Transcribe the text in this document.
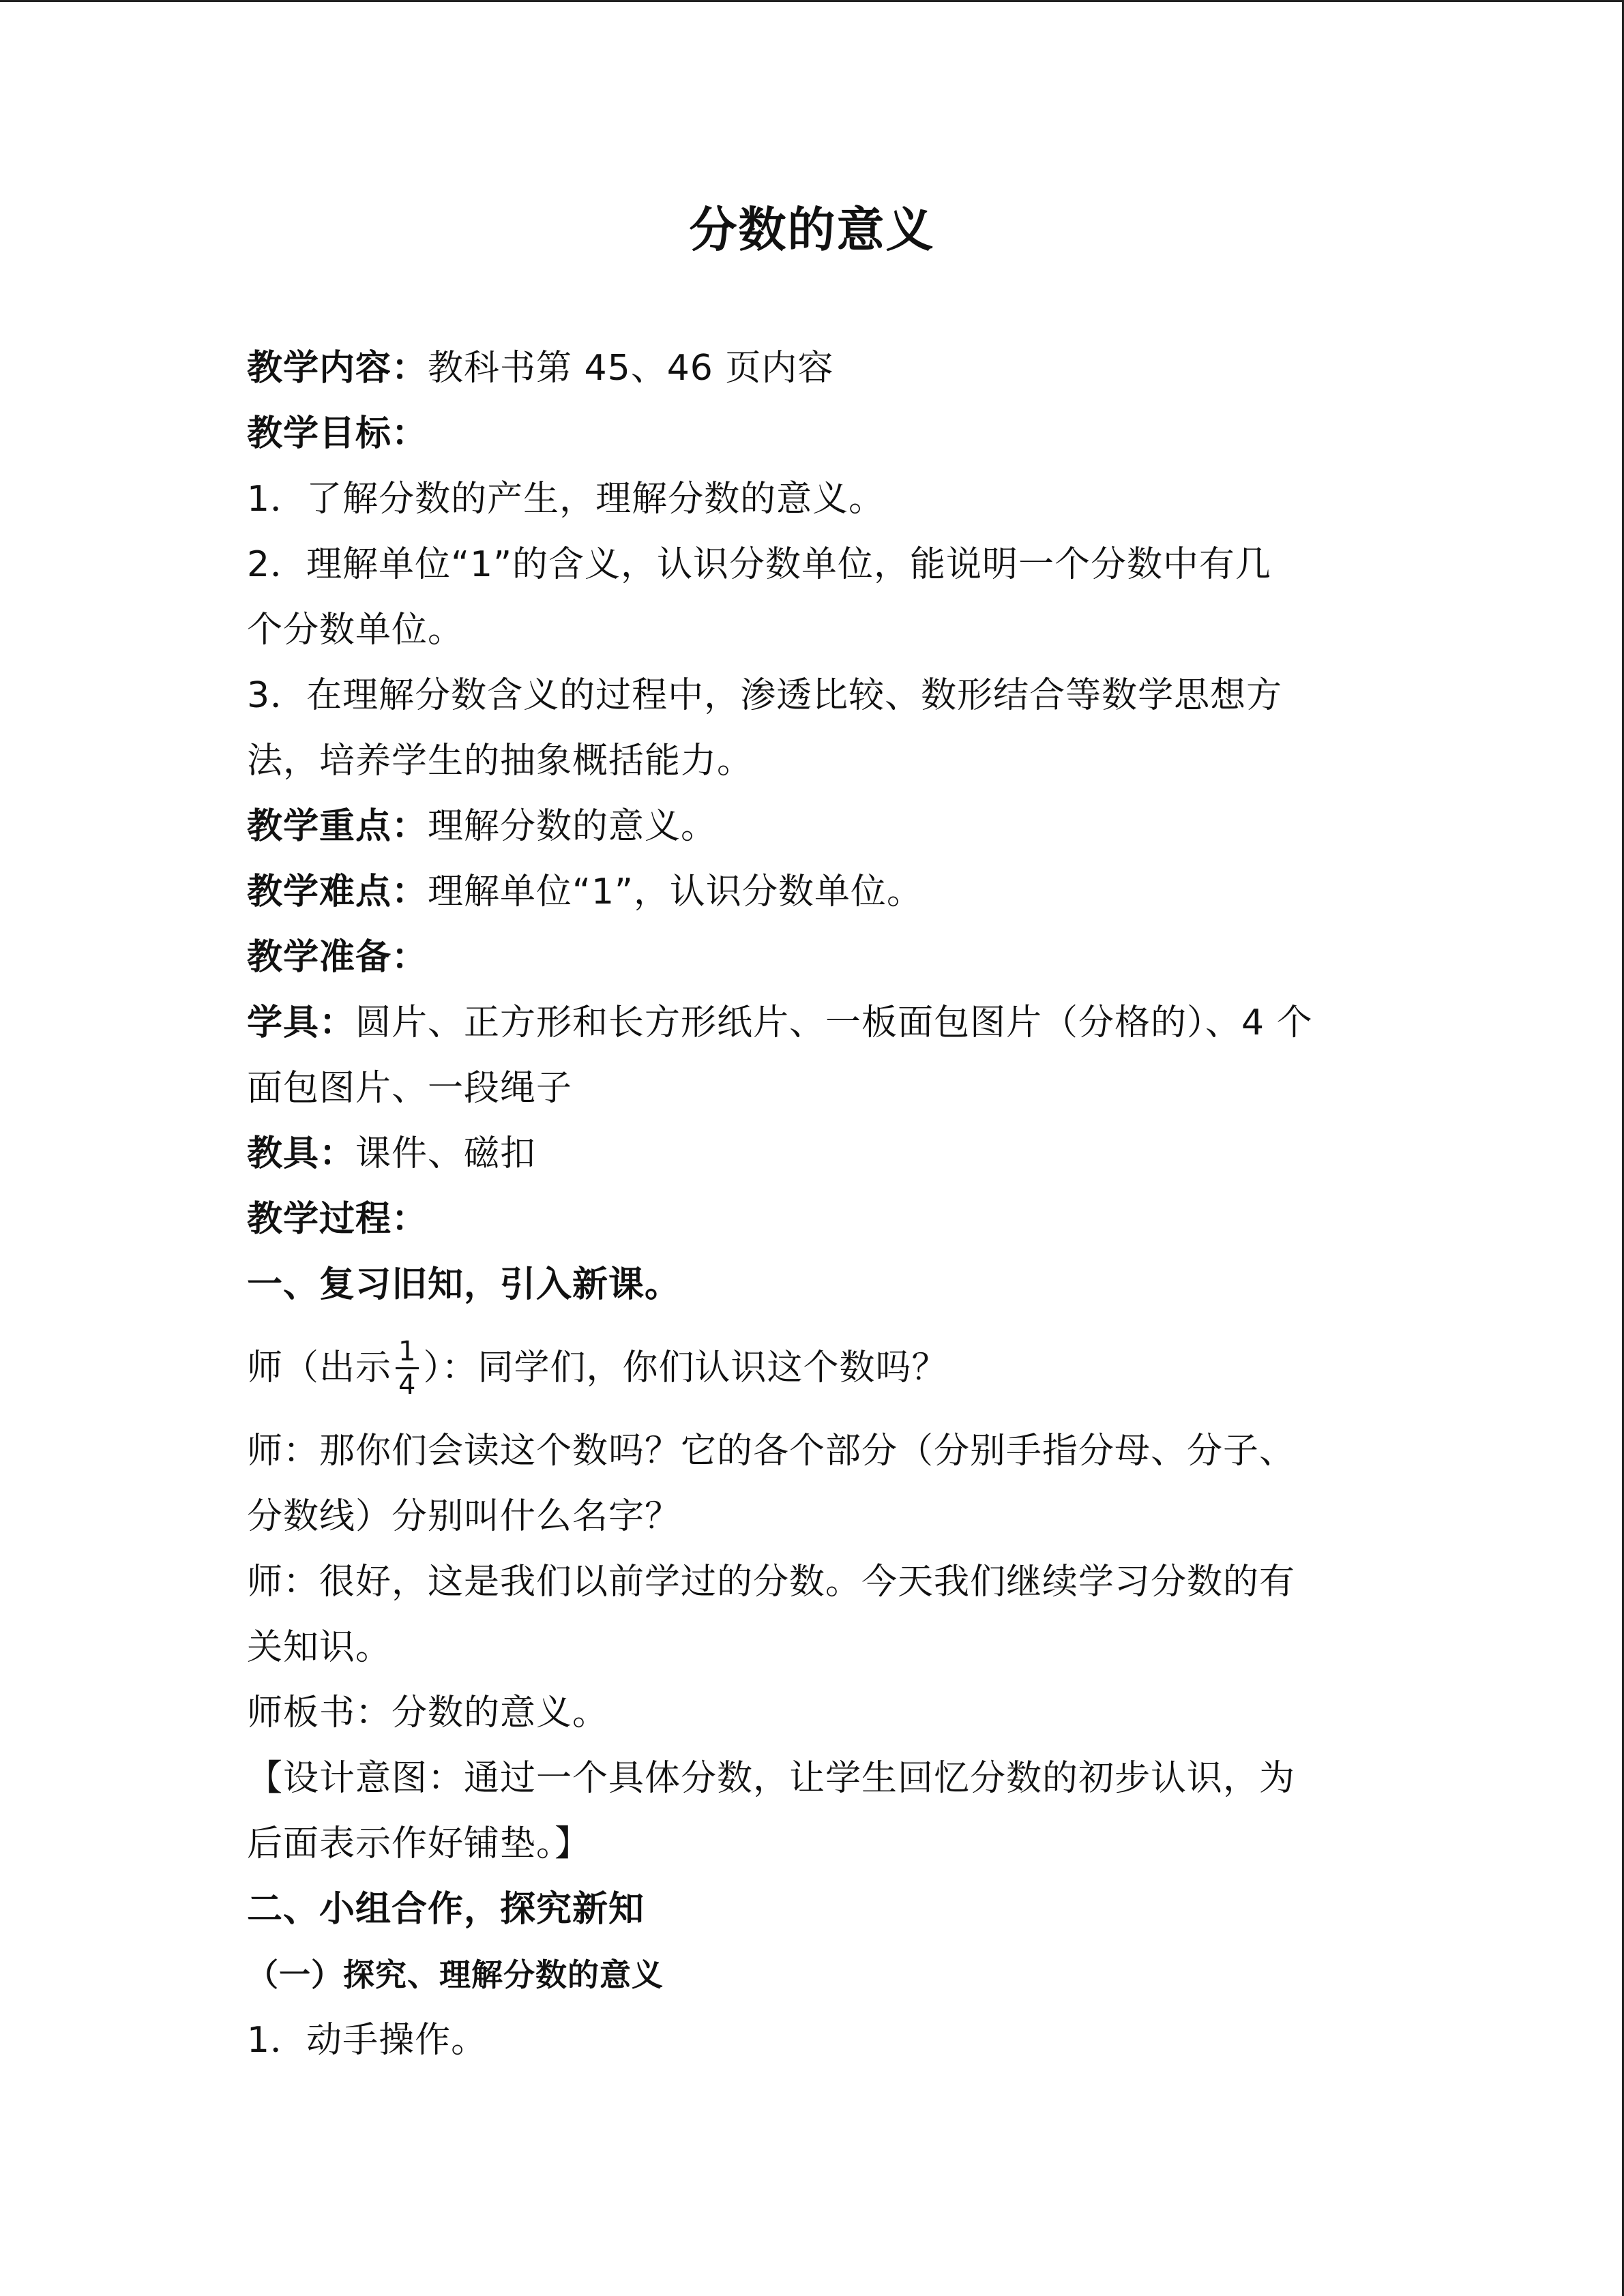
分数的意义
教学内容：教科书第 45、46 页内容
教学目标：
1．了解分数的产生，理解分数的意义。
2．理解单位“1”的含义，认识分数单位，能说明一个分数中有几
个分数单位。
3．在理解分数含义的过程中，渗透比较、数形结合等数学思想方
法，培养学生的抽象概括能力。
教学重点：理解分数的意义。
教学难点：理解单位“1”，认识分数单位。
教学准备：
学具：圆片、正方形和长方形纸片、一板面包图片（分格的）、4 个
面包图片、一段绳子
教具：课件、磁扣
教学过程：
一、复习旧知，引入新课。
师（出示 $\frac{1}{4}$ ）：同学们，你们认识这个数吗？
师：那你们会读这个数吗？它的各个部分（分别手指分母、分子、
分数线）分别叫什么名字？
师：很好，这是我们以前学过的分数。今天我们继续学习分数的有
关知识。
师板书：分数的意义。
【设计意图：通过一个具体分数，让学生回忆分数的初步认识，为
后面表示作好铺垫。】
二、小组合作，探究新知
（一）探究、理解分数的意义
1．动手操作。
